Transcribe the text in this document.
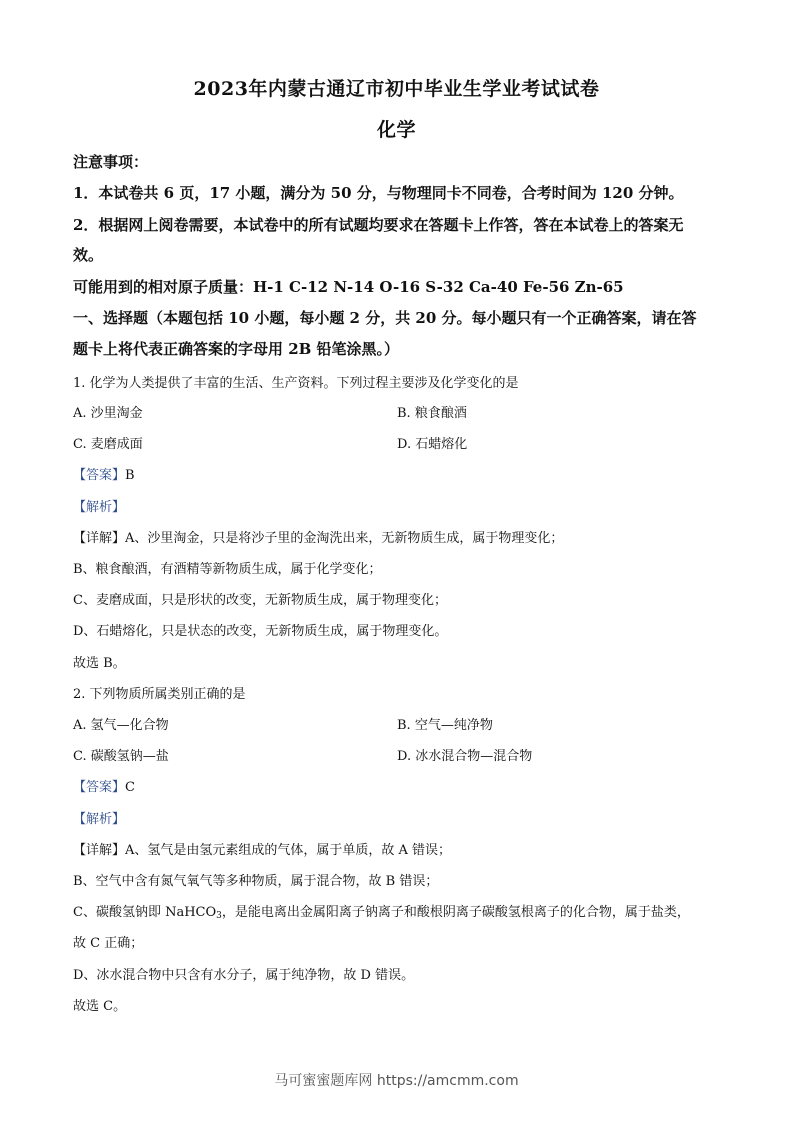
2023年内蒙古通辽市初中毕业生学业考试试卷
化学
注意事项：
1．本试卷共 6 页，17 小题，满分为 50 分，与物理同卡不同卷，合考时间为 120 分钟。
2．根据网上阅卷需要，本试卷中的所有试题均要求在答题卡上作答，答在本试卷上的答案无
效。
可能用到的相对原子质量：H-1 C-12 N-14 O-16 S-32 Ca-40 Fe-56 Zn-65
一、选择题（本题包括 10 小题，每小题 2 分，共 20 分。每小题只有一个正确答案，请在答
题卡上将代表正确答案的字母用 2B 铅笔涂黑。）
1. 化学为人类提供了丰富的生活、生产资料。下列过程主要涉及化学变化的是
A. 沙里淘金	B. 粮食酿酒
C. 麦磨成面	D. 石蜡熔化
【答案】B
【解析】
【详解】A、沙里淘金，只是将沙子里的金淘洗出来，无新物质生成，属于物理变化；
B、粮食酿酒，有酒精等新物质生成，属于化学变化；
C、麦磨成面，只是形状的改变，无新物质生成，属于物理变化；
D、石蜡熔化，只是状态的改变，无新物质生成，属于物理变化。
故选 B。
2. 下列物质所属类别正确的是
A. 氢气—化合物	B. 空气—纯净物
C. 碳酸氢钠—盐	D. 冰水混合物—混合物
【答案】C
【解析】
【详解】A、氢气是由氢元素组成的气体，属于单质，故 A 错误；
B、空气中含有氮气氧气等多种物质，属于混合物，故 B 错误；
C、碳酸氢钠即 NaHCO$_3$，是能电离出金属阳离子钠离子和酸根阴离子碳酸氢根离子的化合物，属于盐类，
故 C 正确；
D、冰水混合物中只含有水分子，属于纯净物，故 D 错误。
故选 C。
马可蜜蜜题库网 https://amcmm.com
